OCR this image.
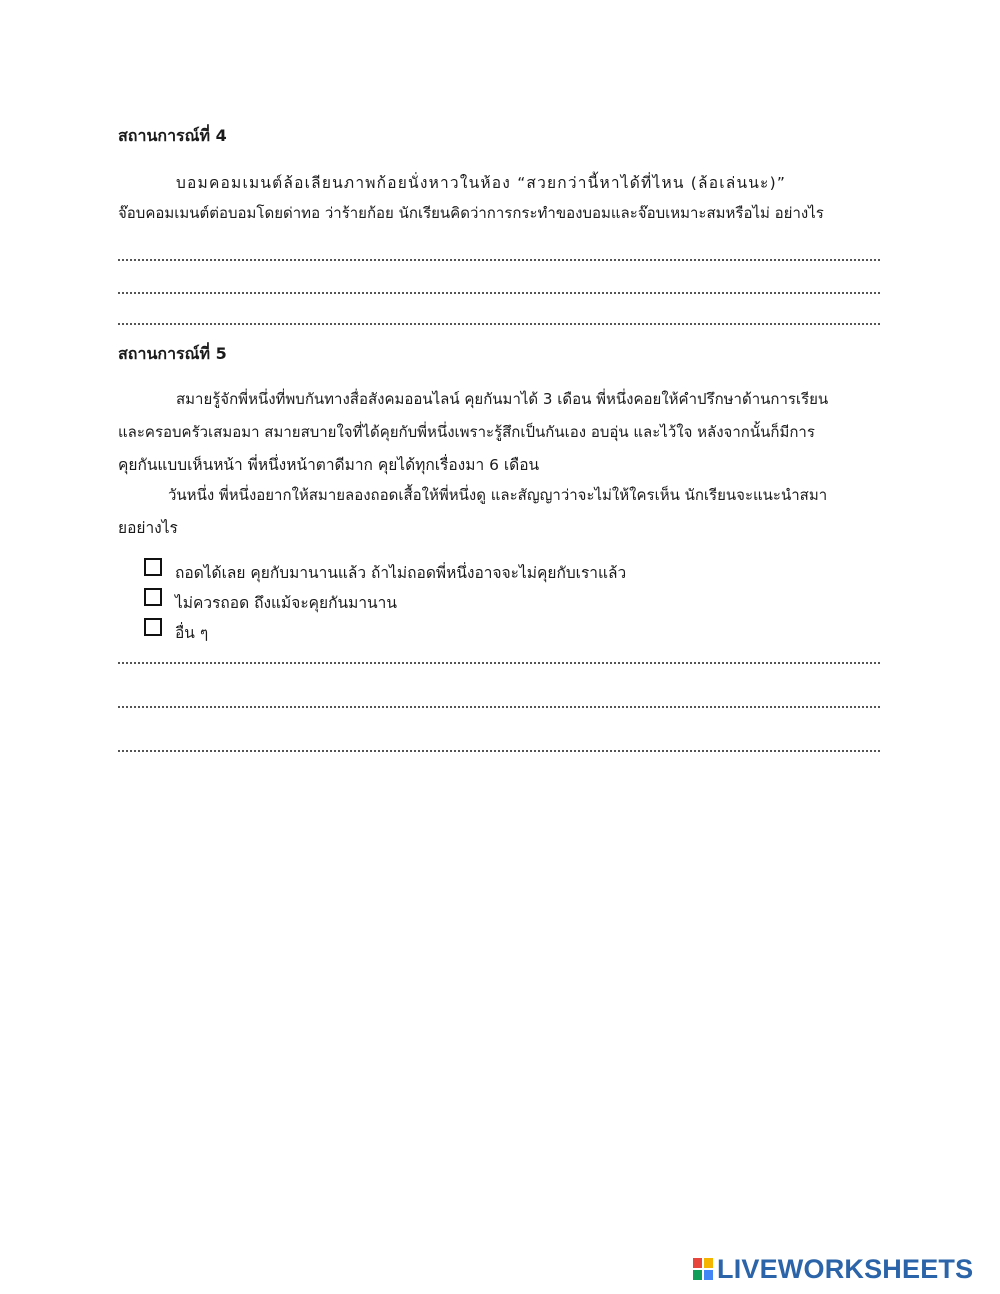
สถานการณ์ที่ 4
บอมคอมเมนต์ล้อเลียนภาพก้อยนั่งหาวในห้อง “สวยกว่านี้หาได้ที่ไหน (ล้อเล่นนะ)”
จ๊อบคอมเมนต์ต่อบอมโดยด่าทอ ว่าร้ายก้อย นักเรียนคิดว่าการกระทำของบอมและจ๊อบเหมาะสมหรือไม่ อย่างไร
สถานการณ์ที่ 5
สมายรู้จักพี่หนึ่งที่พบกันทางสื่อสังคมออนไลน์ คุยกันมาได้ 3 เดือน พี่หนึ่งคอยให้คำปรึกษาด้านการเรียน
และครอบครัวเสมอมา สมายสบายใจที่ได้คุยกับพี่หนึ่งเพราะรู้สึกเป็นกันเอง อบอุ่น และไว้ใจ หลังจากนั้นก็มีการ
คุยกันแบบเห็นหน้า พี่หนึ่งหน้าตาดีมาก คุยได้ทุกเรื่องมา 6 เดือน
วันหนึ่ง พี่หนึ่งอยากให้สมายลองถอดเสื้อให้พี่หนึ่งดู และสัญญาว่าจะไม่ให้ใครเห็น นักเรียนจะแนะนำสมา
ยอย่างไร
ถอดได้เลย คุยกับมานานแล้ว ถ้าไม่ถอดพี่หนึ่งอาจจะไม่คุยกับเราแล้ว
ไม่ควรถอด ถึงแม้จะคุยกันมานาน
อื่น ๆ
LIVEWORKSHEETS
